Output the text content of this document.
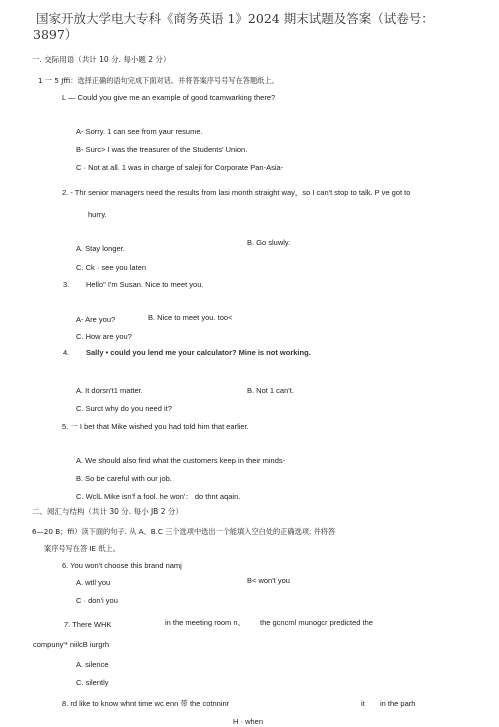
国家开放大学电大专科《商务英语 1》2024 期末试题及答案（试卷号：
3897）
一. 交际用语（共计 10 分. 每小题 2 分）
1 一 5 Jffi：选择正确的语句完成下面对话。并将答案序号号写在答题纸上。
L — Could you give me an example of good tcamwarking there?
A- Sorry. 1 can see from yaur resume.
B- Surc> I was the treasurer of the Students' Union.
C · Not at all. 1 was in charge of saleji for Corporate Pan-Asia-
2. - Thr senior managers need the results from lasi month straight way，so I can't stop to talk. P ve got to
hurry.
B. Go sluwly.
A. Stay longer.
C. Ck · see you laten
3. Hello" I'm Susan. Nice to meet you.
A- Are you?	B. Nice to meet you. too<
C. How are you?
4. Sally • could you lend me your calculator? Mine is not working.
A. It dorsn't1 matter.	B. Not 1 can't.
C. Surct why do you need it?
5. 一 I bet that Mike wished you had told him that earlier.
A. We should also find what the customers keep in their minds-
B. So be careful with our job.
C. WclL Mike isn'f a fool. he won'： do thnt aqain.
二、阅汇与结构（共计 30 分. 每小 JB 2 分）
6—20 B；ffi）读下面的句子. 从 A、B.C 三个选项中选出一个能填入空白处的正确选项. 并将答
案序号写在答 IE 纸上。
6. You won't choose this brand namj
A. wtll you	B< won't you
C · don'i you
7. There WHK	in the meeting room n、 the gcncml munogcr predicted the
compuny'* niilcB iurgrh
A. silence
C. silently
8. rd like to know whnt time wc enn 带 the cotnninr	it in the parh
H · when
